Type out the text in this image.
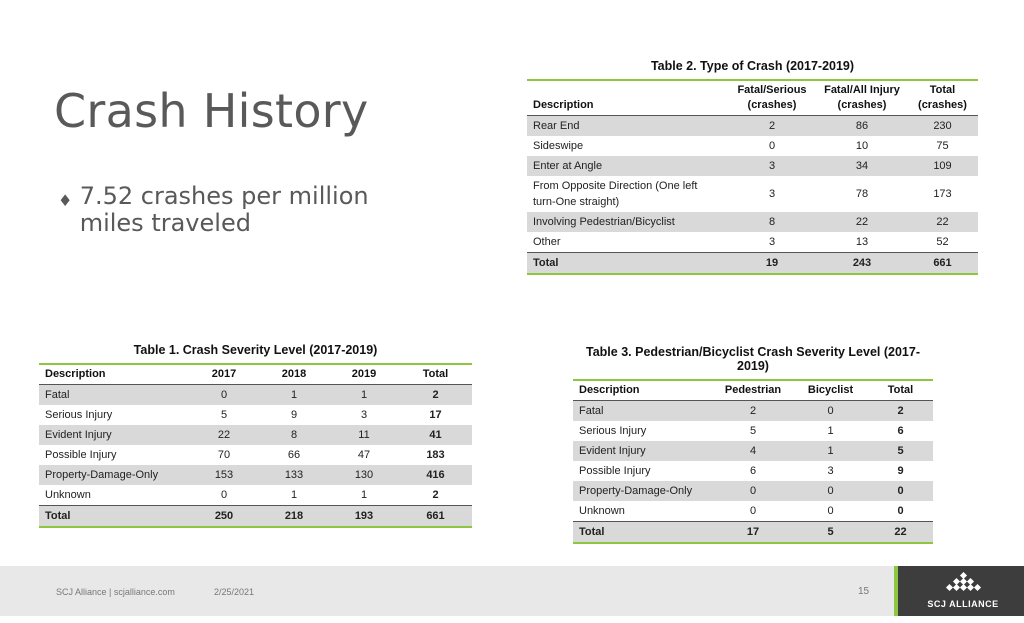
Crash History
♦ 7.52 crashes per million miles traveled
Table 2. Type of Crash (2017-2019)
Description	Fatal/Serious (crashes)	Fatal/All Injury (crashes)	Total (crashes)
Rear End	2	86	230
Sideswipe	0	10	75
Enter at Angle	3	34	109
From Opposite Direction (One left turn-One straight)	3	78	173
Involving Pedestrian/Bicyclist	8	22	22
Other	3	13	52
Total	19	243	661
Table 1. Crash Severity Level (2017-2019)
Description	2017	2018	2019	Total
Fatal	0	1	1	2
Serious Injury	5	9	3	17
Evident Injury	22	8	11	41
Possible Injury	70	66	47	183
Property-Damage-Only	153	133	130	416
Unknown	0	1	1	2
Total	250	218	193	661
Table 3. Pedestrian/Bicyclist Crash Severity Level (2017-2019)
Description	Pedestrian	Bicyclist	Total
Fatal	2	0	2
Serious Injury	5	1	6
Evident Injury	4	1	5
Possible Injury	6	3	9
Property-Damage-Only	0	0	0
Unknown	0	0	0
Total	17	5	22
SCJ Alliance | scjalliance.com	2/25/2021	15
SCJ ALLIANCE
